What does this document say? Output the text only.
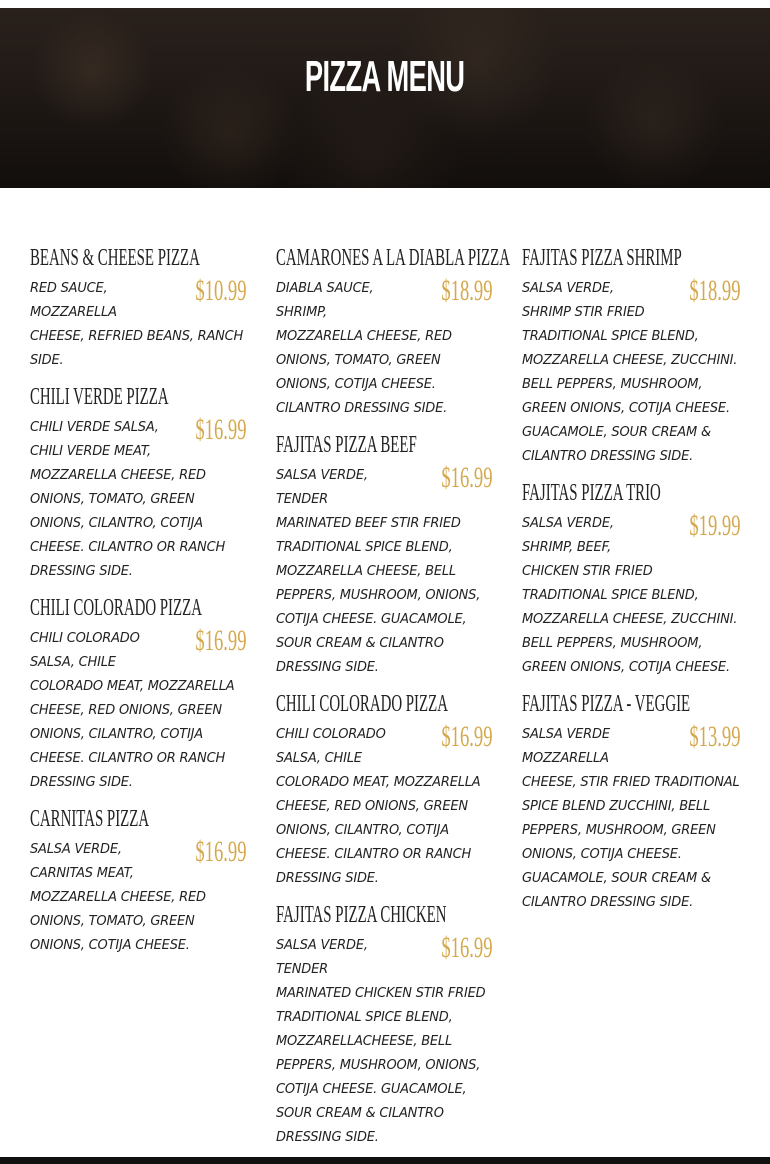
PIZZA MENU
BEANS & CHEESE PIZZA
$10.99

RED SAUCE, MOZZARELLA CHEESE, REFRIED BEANS, RANCH SIDE.

CHILI VERDE PIZZA
$16.99

CHILI VERDE SALSA, CHILI VERDE MEAT, MOZZARELLA CHEESE, RED ONIONS, TOMATO, GREEN ONIONS, CILANTRO, COTIJA CHEESE. CILANTRO OR RANCH DRESSING SIDE.

CHILI COLORADO PIZZA
$16.99

CHILI COLORADO SALSA, CHILE COLORADO MEAT, MOZZARELLA CHEESE, RED ONIONS, GREEN ONIONS, CILANTRO, COTIJA CHEESE. CILANTRO OR RANCH DRESSING SIDE.

CARNITAS PIZZA
$16.99

SALSA VERDE, CARNITAS MEAT, MOZZARELLA CHEESE, RED ONIONS, TOMATO, GREEN ONIONS, COTIJA CHEESE.

CAMARONES A LA DIABLA PIZZA
$18.99

DIABLA SAUCE, SHRIMP, MOZZARELLA CHEESE, RED ONIONS, TOMATO, GREEN ONIONS, COTIJA CHEESE. CILANTRO DRESSING SIDE.

FAJITAS PIZZA BEEF
$16.99

SALSA VERDE, TENDER MARINATED BEEF STIR FRIED TRADITIONAL SPICE BLEND, MOZZARELLA CHEESE, BELL PEPPERS, MUSHROOM, ONIONS, COTIJA CHEESE. GUACAMOLE, SOUR CREAM & CILANTRO DRESSING SIDE.

CHILI COLORADO PIZZA
$16.99

CHILI COLORADO SALSA, CHILE COLORADO MEAT, MOZZARELLA CHEESE, RED ONIONS, GREEN ONIONS, CILANTRO, COTIJA CHEESE. CILANTRO OR RANCH DRESSING SIDE.

FAJITAS PIZZA CHICKEN
$16.99

SALSA VERDE, TENDER MARINATED CHICKEN STIR FRIED TRADITIONAL SPICE BLEND, MOZZARELLACHEESE, BELL PEPPERS, MUSHROOM, ONIONS, COTIJA CHEESE. GUACAMOLE, SOUR CREAM & CILANTRO DRESSING SIDE.

FAJITAS PIZZA SHRIMP
$18.99

SALSA VERDE, SHRIMP STIR FRIED TRADITIONAL SPICE BLEND, MOZZARELLA CHEESE, ZUCCHINI. BELL PEPPERS, MUSHROOM, GREEN ONIONS, COTIJA CHEESE. GUACAMOLE, SOUR CREAM & CILANTRO DRESSING SIDE.

FAJITAS PIZZA TRIO
$19.99

SALSA VERDE, SHRIMP, BEEF, CHICKEN STIR FRIED TRADITIONAL SPICE BLEND, MOZZARELLA CHEESE, ZUCCHINI. BELL PEPPERS, MUSHROOM, GREEN ONIONS, COTIJA CHEESE.

FAJITAS PIZZA - VEGGIE
$13.99

SALSA VERDE MOZZARELLA CHEESE, STIR FRIED TRADITIONAL SPICE BLEND ZUCCHINI, BELL PEPPERS, MUSHROOM, GREEN ONIONS, COTIJA CHEESE. GUACAMOLE, SOUR CREAM & CILANTRO DRESSING SIDE.
